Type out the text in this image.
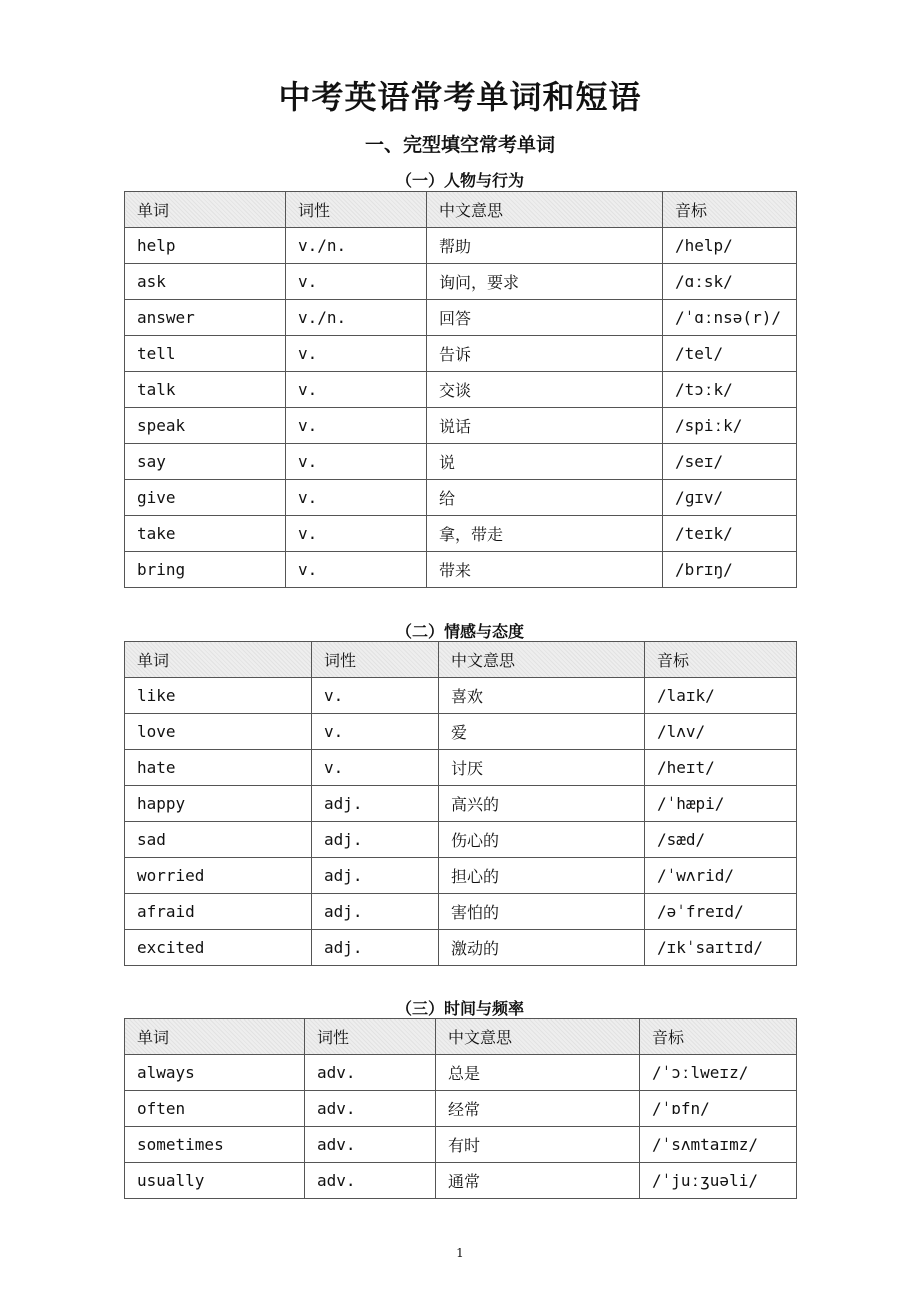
中考英语常考单词和短语
一、完型填空常考单词
（一）人物与行为
单词	词性	中文意思	音标
help	v./n.	帮助	/help/
ask	v.	询问，要求	/ɑːsk/
answer	v./n.	回答	/ˈɑːnsə(r)/
tell	v.	告诉	/tel/
talk	v.	交谈	/tɔːk/
speak	v.	说话	/spiːk/
say	v.	说	/seɪ/
give	v.	给	/ɡɪv/
take	v.	拿，带走	/teɪk/
bring	v.	带来	/brɪŋ/
（二）情感与态度
单词	词性	中文意思	音标
like	v.	喜欢	/laɪk/
love	v.	爱	/lʌv/
hate	v.	讨厌	/heɪt/
happy	adj.	高兴的	/ˈhæpi/
sad	adj.	伤心的	/sæd/
worried	adj.	担心的	/ˈwʌrid/
afraid	adj.	害怕的	/əˈfreɪd/
excited	adj.	激动的	/ɪkˈsaɪtɪd/
（三）时间与频率
单词	词性	中文意思	音标
always	adv.	总是	/ˈɔːlweɪz/
often	adv.	经常	/ˈɒfn/
sometimes	adv.	有时	/ˈsʌmtaɪmz/
usually	adv.	通常	/ˈjuːʒuəli/
1
